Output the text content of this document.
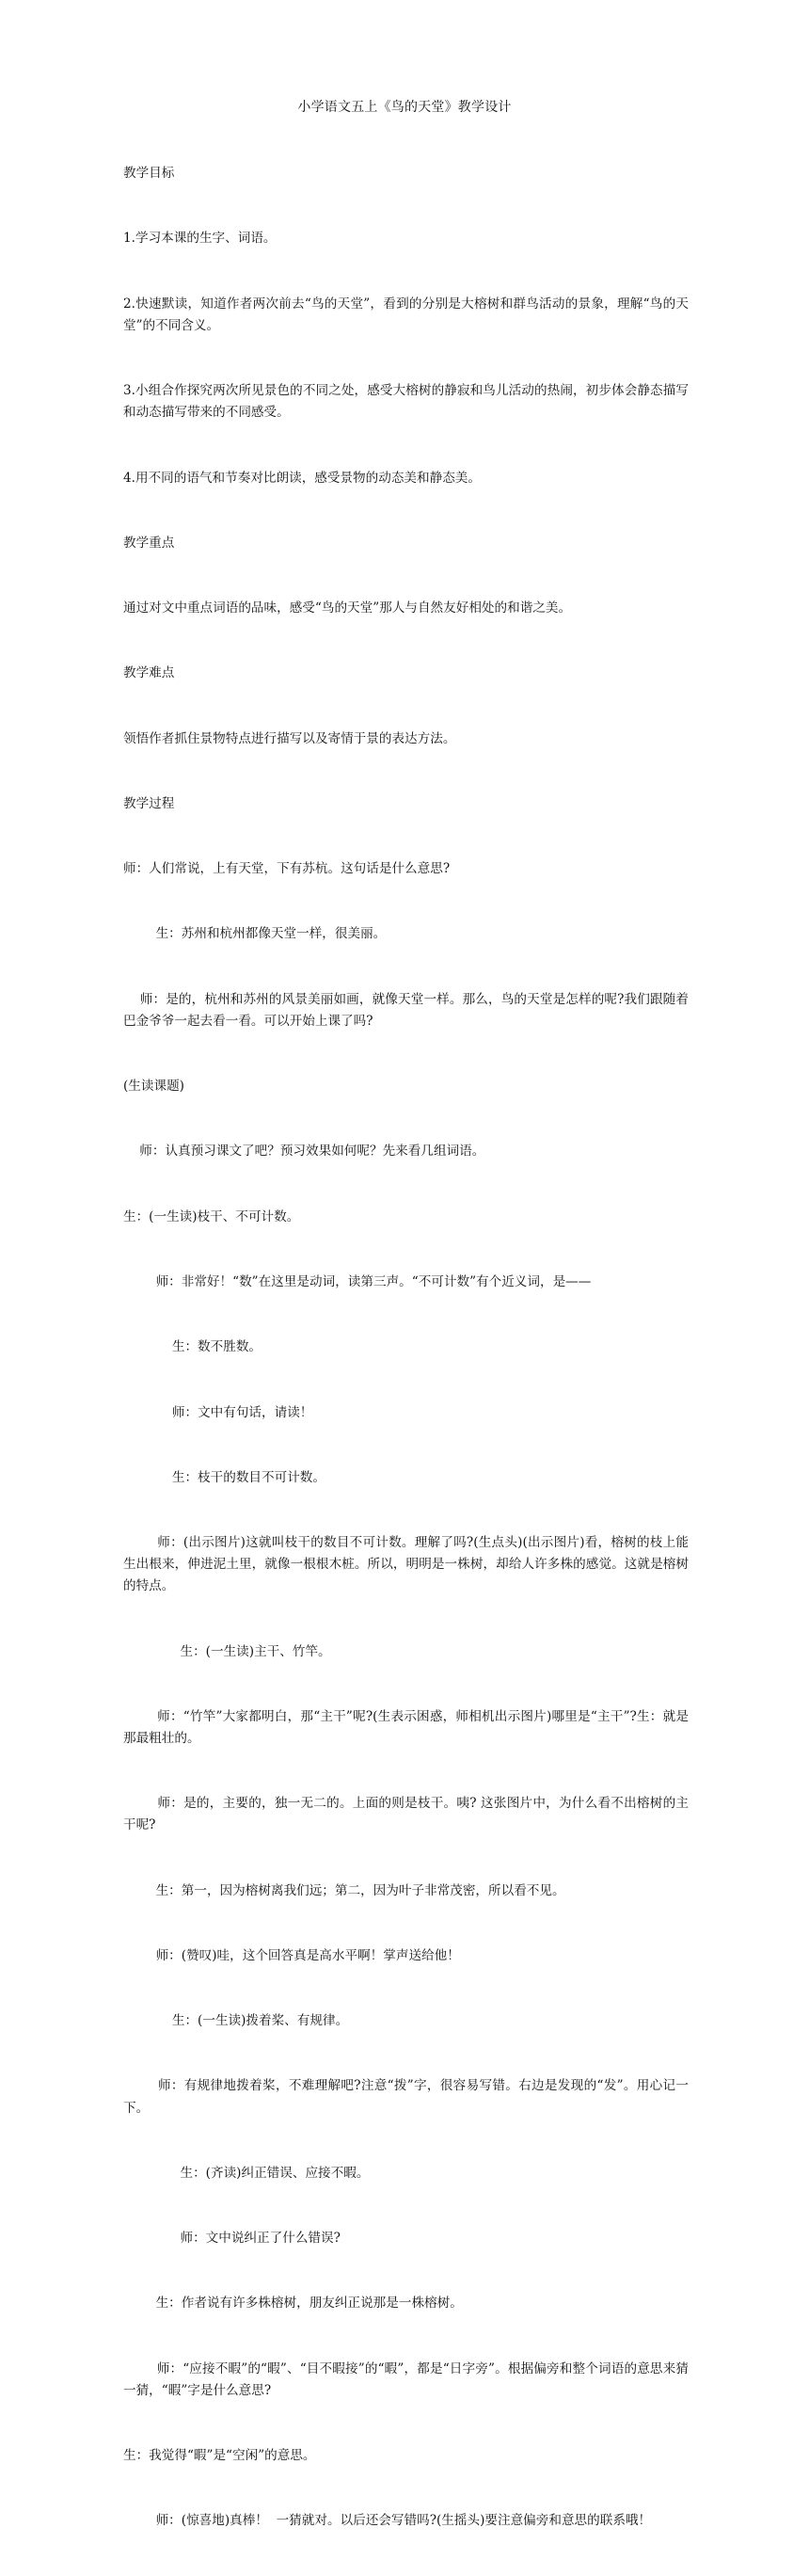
小学语文五上《鸟的天堂》教学设计

教学目标

1.学习本课的生字、词语。

2.快速默读，知道作者两次前去“鸟的天堂”，看到的分别是大榕树和群鸟活动的景象，理解“鸟的天堂”的不同含义。

3.小组合作探究两次所见景色的不同之处，感受大榕树的静寂和鸟儿活动的热闹，初步体会静态描写和动态描写带来的不同感受。

4.用不同的语气和节奏对比朗读，感受景物的动态美和静态美。

教学重点

通过对文中重点词语的品味，感受“鸟的天堂”那人与自然友好相处的和谐之美。

教学难点

领悟作者抓住景物特点进行描写以及寄情于景的表达方法。

教学过程

师：人们常说，上有天堂，下有苏杭。这句话是什么意思?

生：苏州和杭州都像天堂一样，很美丽。

师：是的，杭州和苏州的风景美丽如画，就像天堂一样。那么，鸟的天堂是怎样的呢?我们跟随着巴金爷爷一起去看一看。可以开始上课了吗?

(生读课题)

师：认真预习课文了吧？预习效果如何呢？先来看几组词语。

生：(一生读)枝干、不可计数。

师：非常好！“数”在这里是动词，读第三声。“不可计数”有个近义词，是——

生：数不胜数。

师：文中有句话，请读！

生：枝干的数目不可计数。

师：(出示图片)这就叫枝干的数目不可计数。理解了吗?(生点头)(出示图片)看，榕树的枝上能生出根来，伸进泥土里，就像一根根木桩。所以，明明是一株树，却给人许多株的感觉。这就是榕树的特点。

生：(一生读)主干、竹竿。

师：“竹竿”大家都明白，那“主干”呢?(生表示困惑，师相机出示图片)哪里是“主干”?生：就是那最粗壮的。

师：是的，主要的，独一无二的。上面的则是枝干。咦? 这张图片中，为什么看不出榕树的主干呢?

生：第一，因为榕树离我们远；第二，因为叶子非常茂密，所以看不见。

师：(赞叹)哇，这个回答真是高水平啊！掌声送给他！

生：(一生读)拨着桨、有规律。

师：有规律地拨着桨，不难理解吧?注意“拨”字，很容易写错。右边是发现的“发”。用心记一下。

生：(齐读)纠正错误、应接不暇。

师：文中说纠正了什么错误?

生：作者说有许多株榕树，朋友纠正说那是一株榕树。

师：“应接不暇”的“暇”、“目不暇接”的“暇”，都是“日字旁”。根据偏旁和整个词语的意思来猜一猜，“暇”字是什么意思?

生：我觉得“暇”是“空闲”的意思。

师：(惊喜地)真棒！  一猜就对。以后还会写错吗?(生摇头)要注意偏旁和意思的联系哦！
